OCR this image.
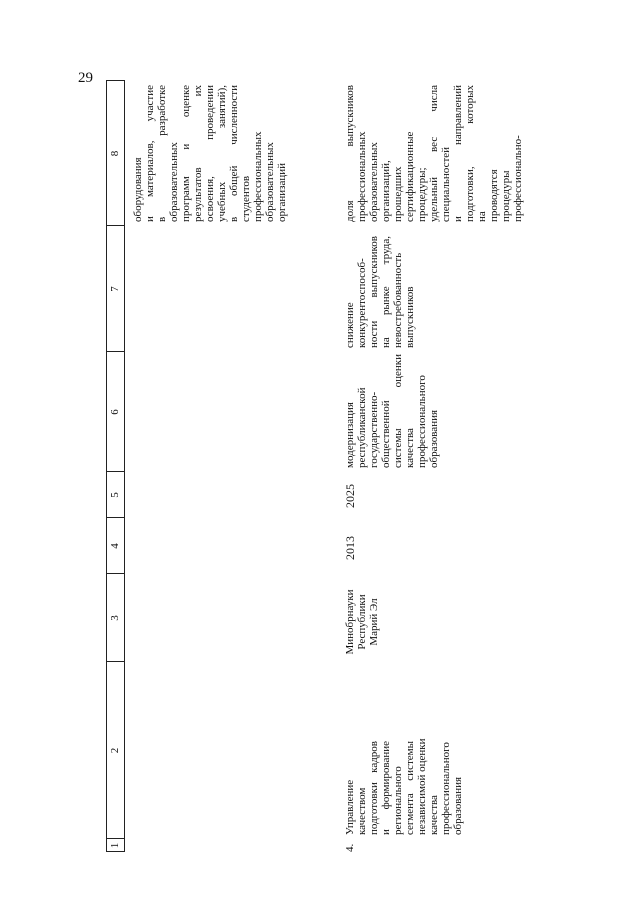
29
1
2
3
4
5
6
7
8
оборудования и материалов, участие в разработке образовательных программ и оценке результатов их освоения, проведении учебных занятий), в общей численности студентов профессиональных образовательных организаций
4.
Управление качеством подготовки кадров и формирование регионального сегмента системы независимой оценки качества профессионального образования
Минобрнауки Республики Марий Эл
2013
2025
модернизация республиканской государственно- общественной системы оценки качества профессионального образования
снижение конкурентоспособ- ности выпускников на рынке труда, невостребованность выпускников
доля выпускников профессиональных образовательных организаций, прошедших сертификационные процедуры; удельный вес числа специальностей и направлений подготовки, которых на проводятся процедуры профессионально-
